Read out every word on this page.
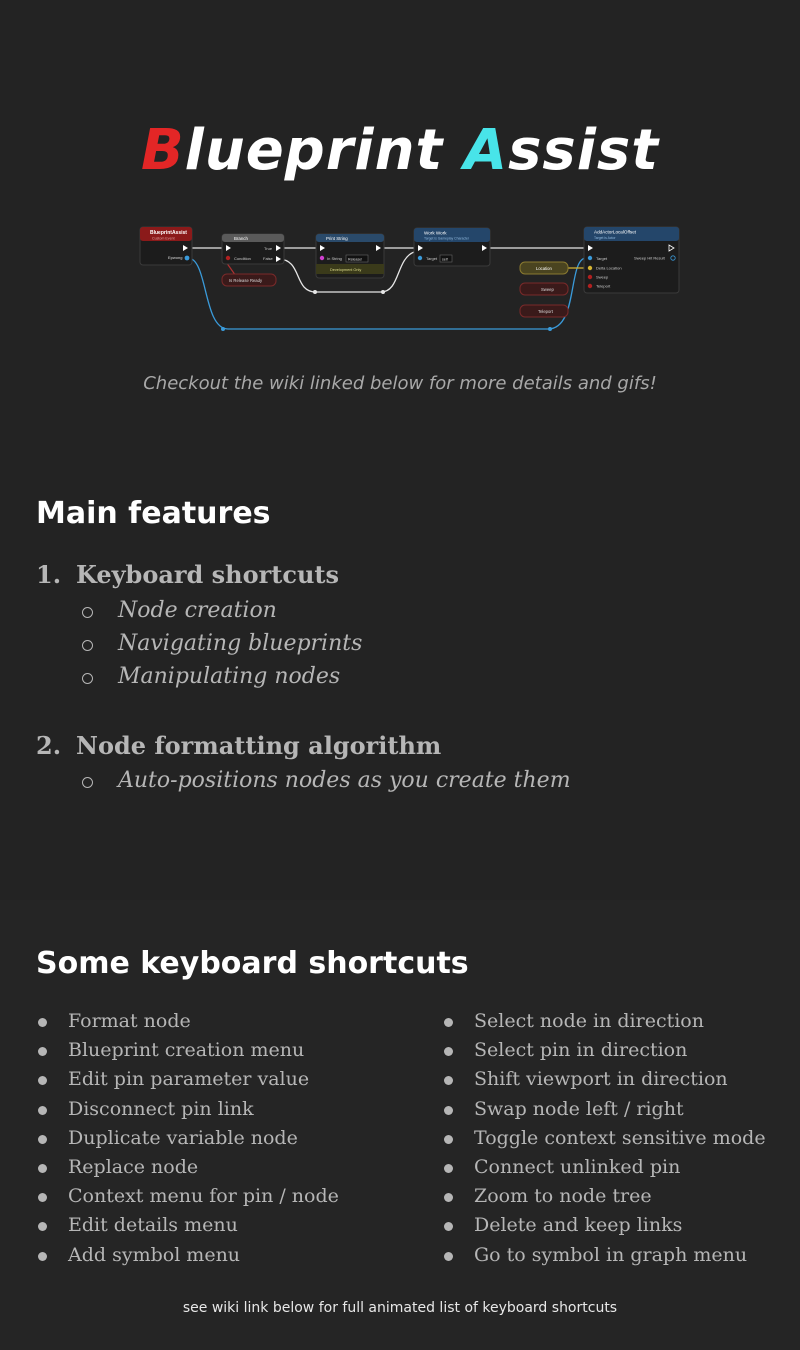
Blueprint Assist
BlueprintAssist
Custom Event
Epwong
Branch
Condition
True
False
Is Release Ready
Print String
In String Release!
Development Only
Work Work
Target is Gameplay Character
Target self
Location
Sweep
Teleport
AddActorLocalOffset
Target is Actor
Target
Delta Location
Sweep
Teleport
Sweep Hit Result
Checkout the wiki linked below for more details and gifs!
Main features
1. Keyboard shortcuts
Node creation
Navigating blueprints
Manipulating nodes
2. Node formatting algorithm
Auto-positions nodes as you create them
Some keyboard shortcuts
Format node
Blueprint creation menu
Edit pin parameter value
Disconnect pin link
Duplicate variable node
Replace node
Context menu for pin / node
Edit details menu
Add symbol menu
Select node in direction
Select pin in direction
Shift viewport in direction
Swap node left / right
Toggle context sensitive mode
Connect unlinked pin
Zoom to node tree
Delete and keep links
Go to symbol in graph menu
see wiki link below for full animated list of keyboard shortcuts
